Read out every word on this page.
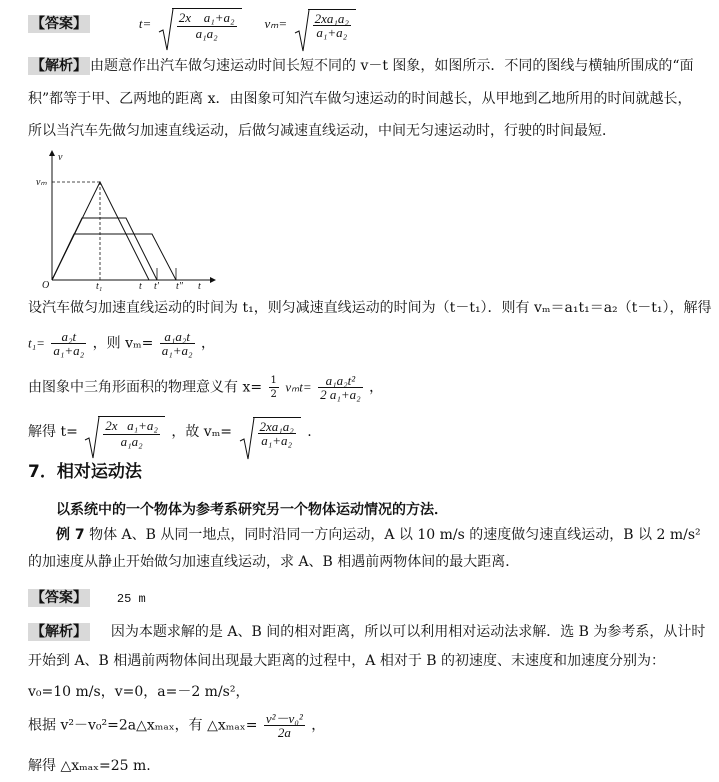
【答案】	$t= \frac{\text{2x a₁+a₂}}{\text{a₁a₂}} v_m= \frac{\text{2xa₁a₂}}{\text{a₁+a₂}}$
【解析】 由题意作出汽车做匀速运动时间长短不同的 v－t 图象，如图所示．不同的图线与横轴所围成的“面
积”都等于甲、乙两地的距离 x．由图象可知汽车做匀速运动的时间越长，从甲地到乙地所用的时间就越长，
所以当汽车先做匀加速直线运动，后做匀减速直线运动，中间无匀速运动时，行驶的时间最短．
v
vₘ
O	t₁	t t′ t″ t
设汽车做匀加速直线运动的时间为 t₁，则匀减速直线运动的时间为（t－t₁）．则有 vₘ＝a₁t₁＝a₂（t－t₁），解得
$t_1= \frac{\text{a₂t}}{\text{a₁+a₂}}$ ，则 $v_m= \frac{\text{a₁a₂t}}{\text{a₁+a₂}}$ ，
由图象中三角形面积的物理意义有 $x= \frac{1}{2} v_mt= \frac{\text{a₁a₂t²}}{\text{2 a₁+a₂}}$ ，
解得 $t= \frac{\text{2x a₁+a₂}}{\text{a₁a₂}}$ ，故 $v_m= \frac{\text{2xa₁a₂}}{\text{a₁+a₂}}$ .
7．相对运动法
以系统中的一个物体为参考系研究另一个物体运动情况的方法．
例 7 物体 A、B 从同一地点，同时沿同一方向运动，A 以 10 m/s 的速度做匀速直线运动，B 以 2 m/s²
的加速度从静止开始做匀加速直线运动，求 A、B 相遇前两物体间的最大距离．
【答案】 25 m
【解析】 因为本题求解的是 A、B 间的相对距离，所以可以利用相对运动法求解．选 B 为参考系，从计时
开始到 A、B 相遇前两物体间出现最大距离的过程中，A 相对于 B 的初速度、末速度和加速度分别为：
v₀=10 m/s，v=0，a=－2 m/s²，
根据 v²－v₀²=2a△xₘₐₓ，有 △xₘₐₓ= $\frac{\text{v²－v₀²}}{2a}$ ，
解得 △xₘₐₓ=25 m.
